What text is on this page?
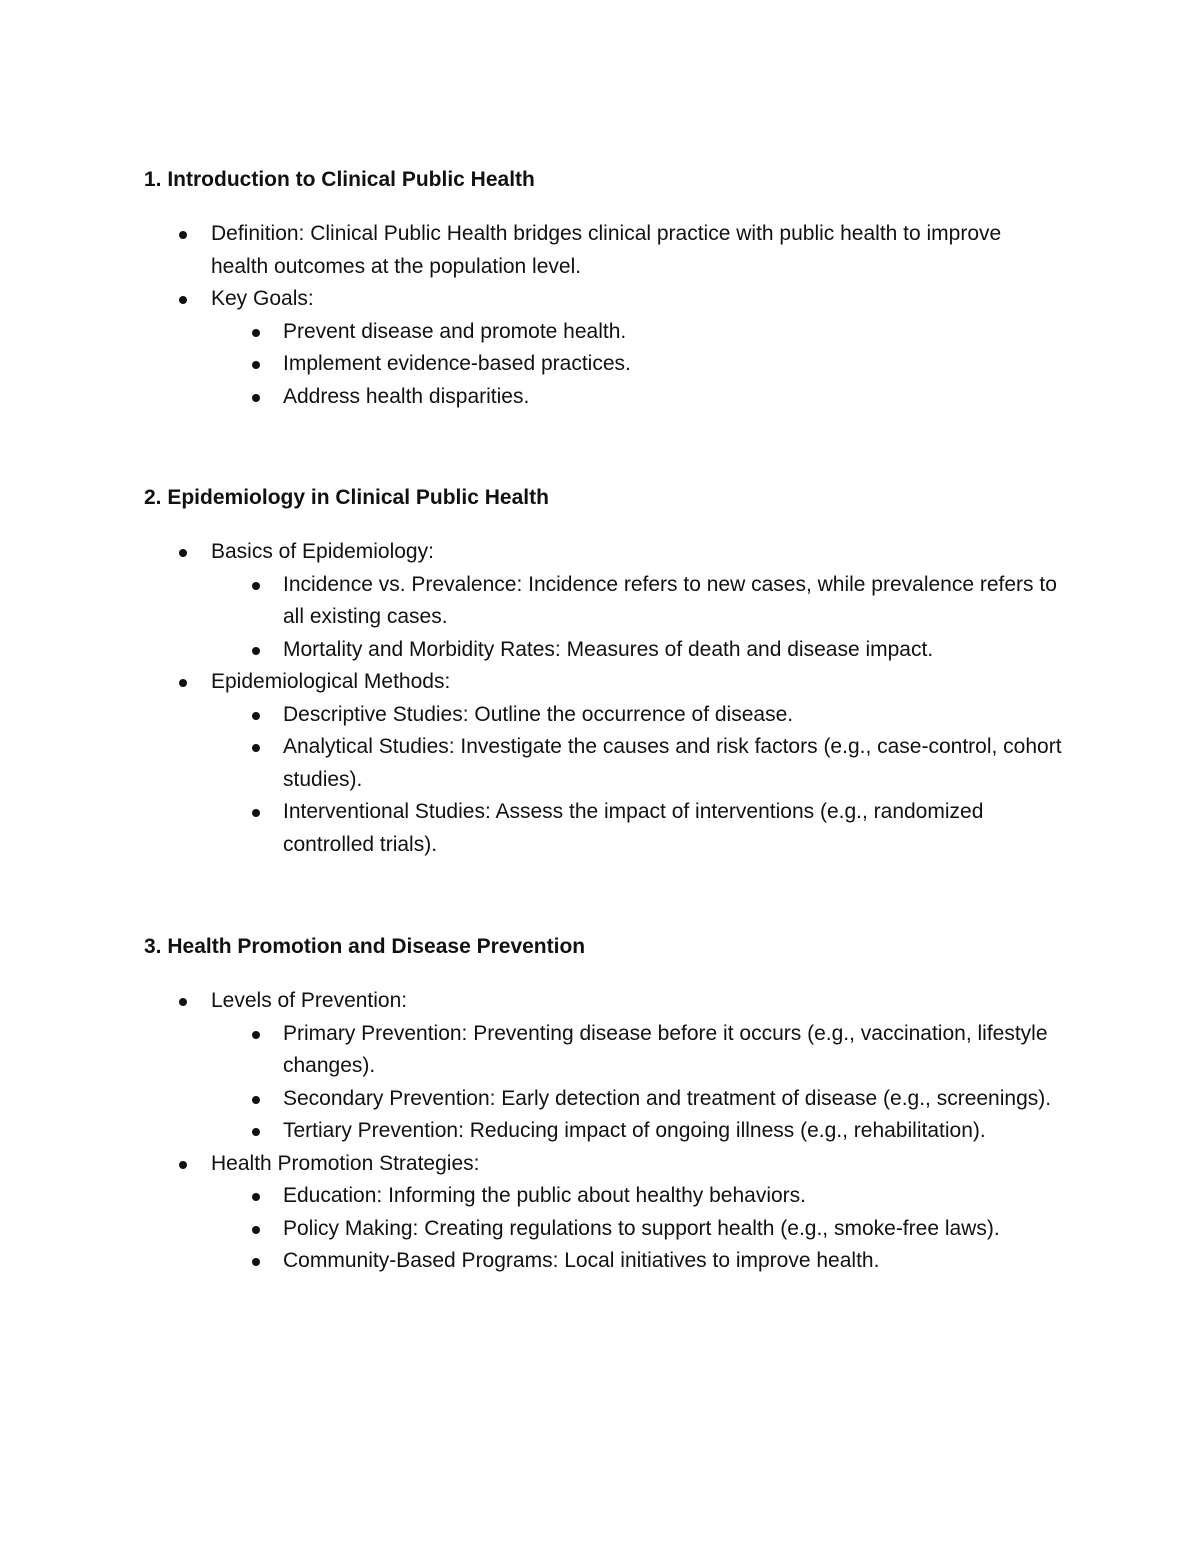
1. Introduction to Clinical Public Health
Definition: Clinical Public Health bridges clinical practice with public health to improve health outcomes at the population level.
Key Goals:
Prevent disease and promote health.
Implement evidence-based practices.
Address health disparities.
2. Epidemiology in Clinical Public Health
Basics of Epidemiology:
Incidence vs. Prevalence: Incidence refers to new cases, while prevalence refers to all existing cases.
Mortality and Morbidity Rates: Measures of death and disease impact.
Epidemiological Methods:
Descriptive Studies: Outline the occurrence of disease.
Analytical Studies: Investigate the causes and risk factors (e.g., case-control, cohort studies).
Interventional Studies: Assess the impact of interventions (e.g., randomized controlled trials).
3. Health Promotion and Disease Prevention
Levels of Prevention:
Primary Prevention: Preventing disease before it occurs (e.g., vaccination, lifestyle changes).
Secondary Prevention: Early detection and treatment of disease (e.g., screenings).
Tertiary Prevention: Reducing impact of ongoing illness (e.g., rehabilitation).
Health Promotion Strategies:
Education: Informing the public about healthy behaviors.
Policy Making: Creating regulations to support health (e.g., smoke-free laws).
Community-Based Programs: Local initiatives to improve health.
